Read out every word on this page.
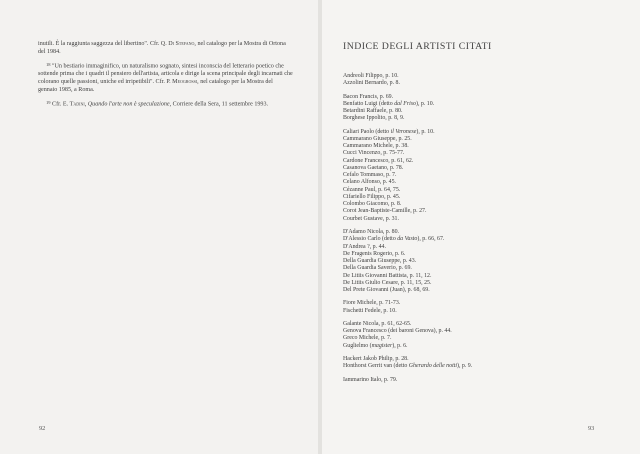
inutili. È la raggiunta saggezza del libertino". Cfr. Q. Di Stefano, nel catalogo per la Mostra di Ortona del 1984.

$^{18}$ "Un bestiario immaginifico, un naturalismo sognato, sintesi inconscia del letterario poetico che sottende prima che i quadri il pensiero dell'artista, articola e dirige la scena principale degli incarnati che colorano quelle passioni, uniche ed irripetibili". Cfr. P. Meogrossi, nel catalogo per la Mostra del gennaio 1985, a Roma.

$^{19}$ Cfr. E. Tadini, Quando l'arte non è speculazione, Corriere della Sera, 11 settembre 1993.

92
INDICE DEGLI ARTISTI CITATI
Andreoli Filippo, p. 10.
Azzolini Bernardo, p. 8.
Bacon Francis, p. 69.
Benfatto Luigi (detto dal Friso), p. 10.
Betardini Raffaele, p. 80.
Borghese Ippolito, p. 8, 9.
Caliari Paolo (detto il Veronese), p. 10.
Cammarano Giuseppe, p. 25.
Cammarano Michele, p. 38.
Cucci Vincenzo, p. 75-77.
Cardone Francesco, p. 61, 62.
Casanova Gaetano, p. 78.
Cefalo Tommaso, p. 7.
Celano Alfonso, p. 45.
Cézanne Paul, p. 64, 75.
Cifariello Filippo, p. 45.
Colombo Giacomo, p. 8.
Corot Jean-Baptiste-Camille, p. 27.
Courbet Gustave, p. 31.
D'Adamo Nicola, p. 80.
D'Alessio Carlo (detto da Vasto), p. 66, 67.
D'Andrea ?, p. 44.
De Fragenis Rogerio, p. 6.
Della Guardia Giuseppe, p. 43.
Della Guardia Saverio, p. 69.
De Litiis Giovanni Battista, p. 11, 12.
De Litiis Giulio Cesare, p. 11, 15, 25.
Del Prete Giovanni (Juan), p. 68, 69.
Fiore Michele, p. 71-73.
Fischetti Fedele, p. 10.
Galante Nicola, p. 61, 62-65.
Genova Francesco (dei baroni Genova), p. 44.
Greco Michele, p. 7.
Guglielmo (magister), p. 6.
Hackert Jakob Philip, p. 28.
Honthorst Gerrit van (detto Gherardo delle notti), p. 9.
Iammarino Italo, p. 79.
93
